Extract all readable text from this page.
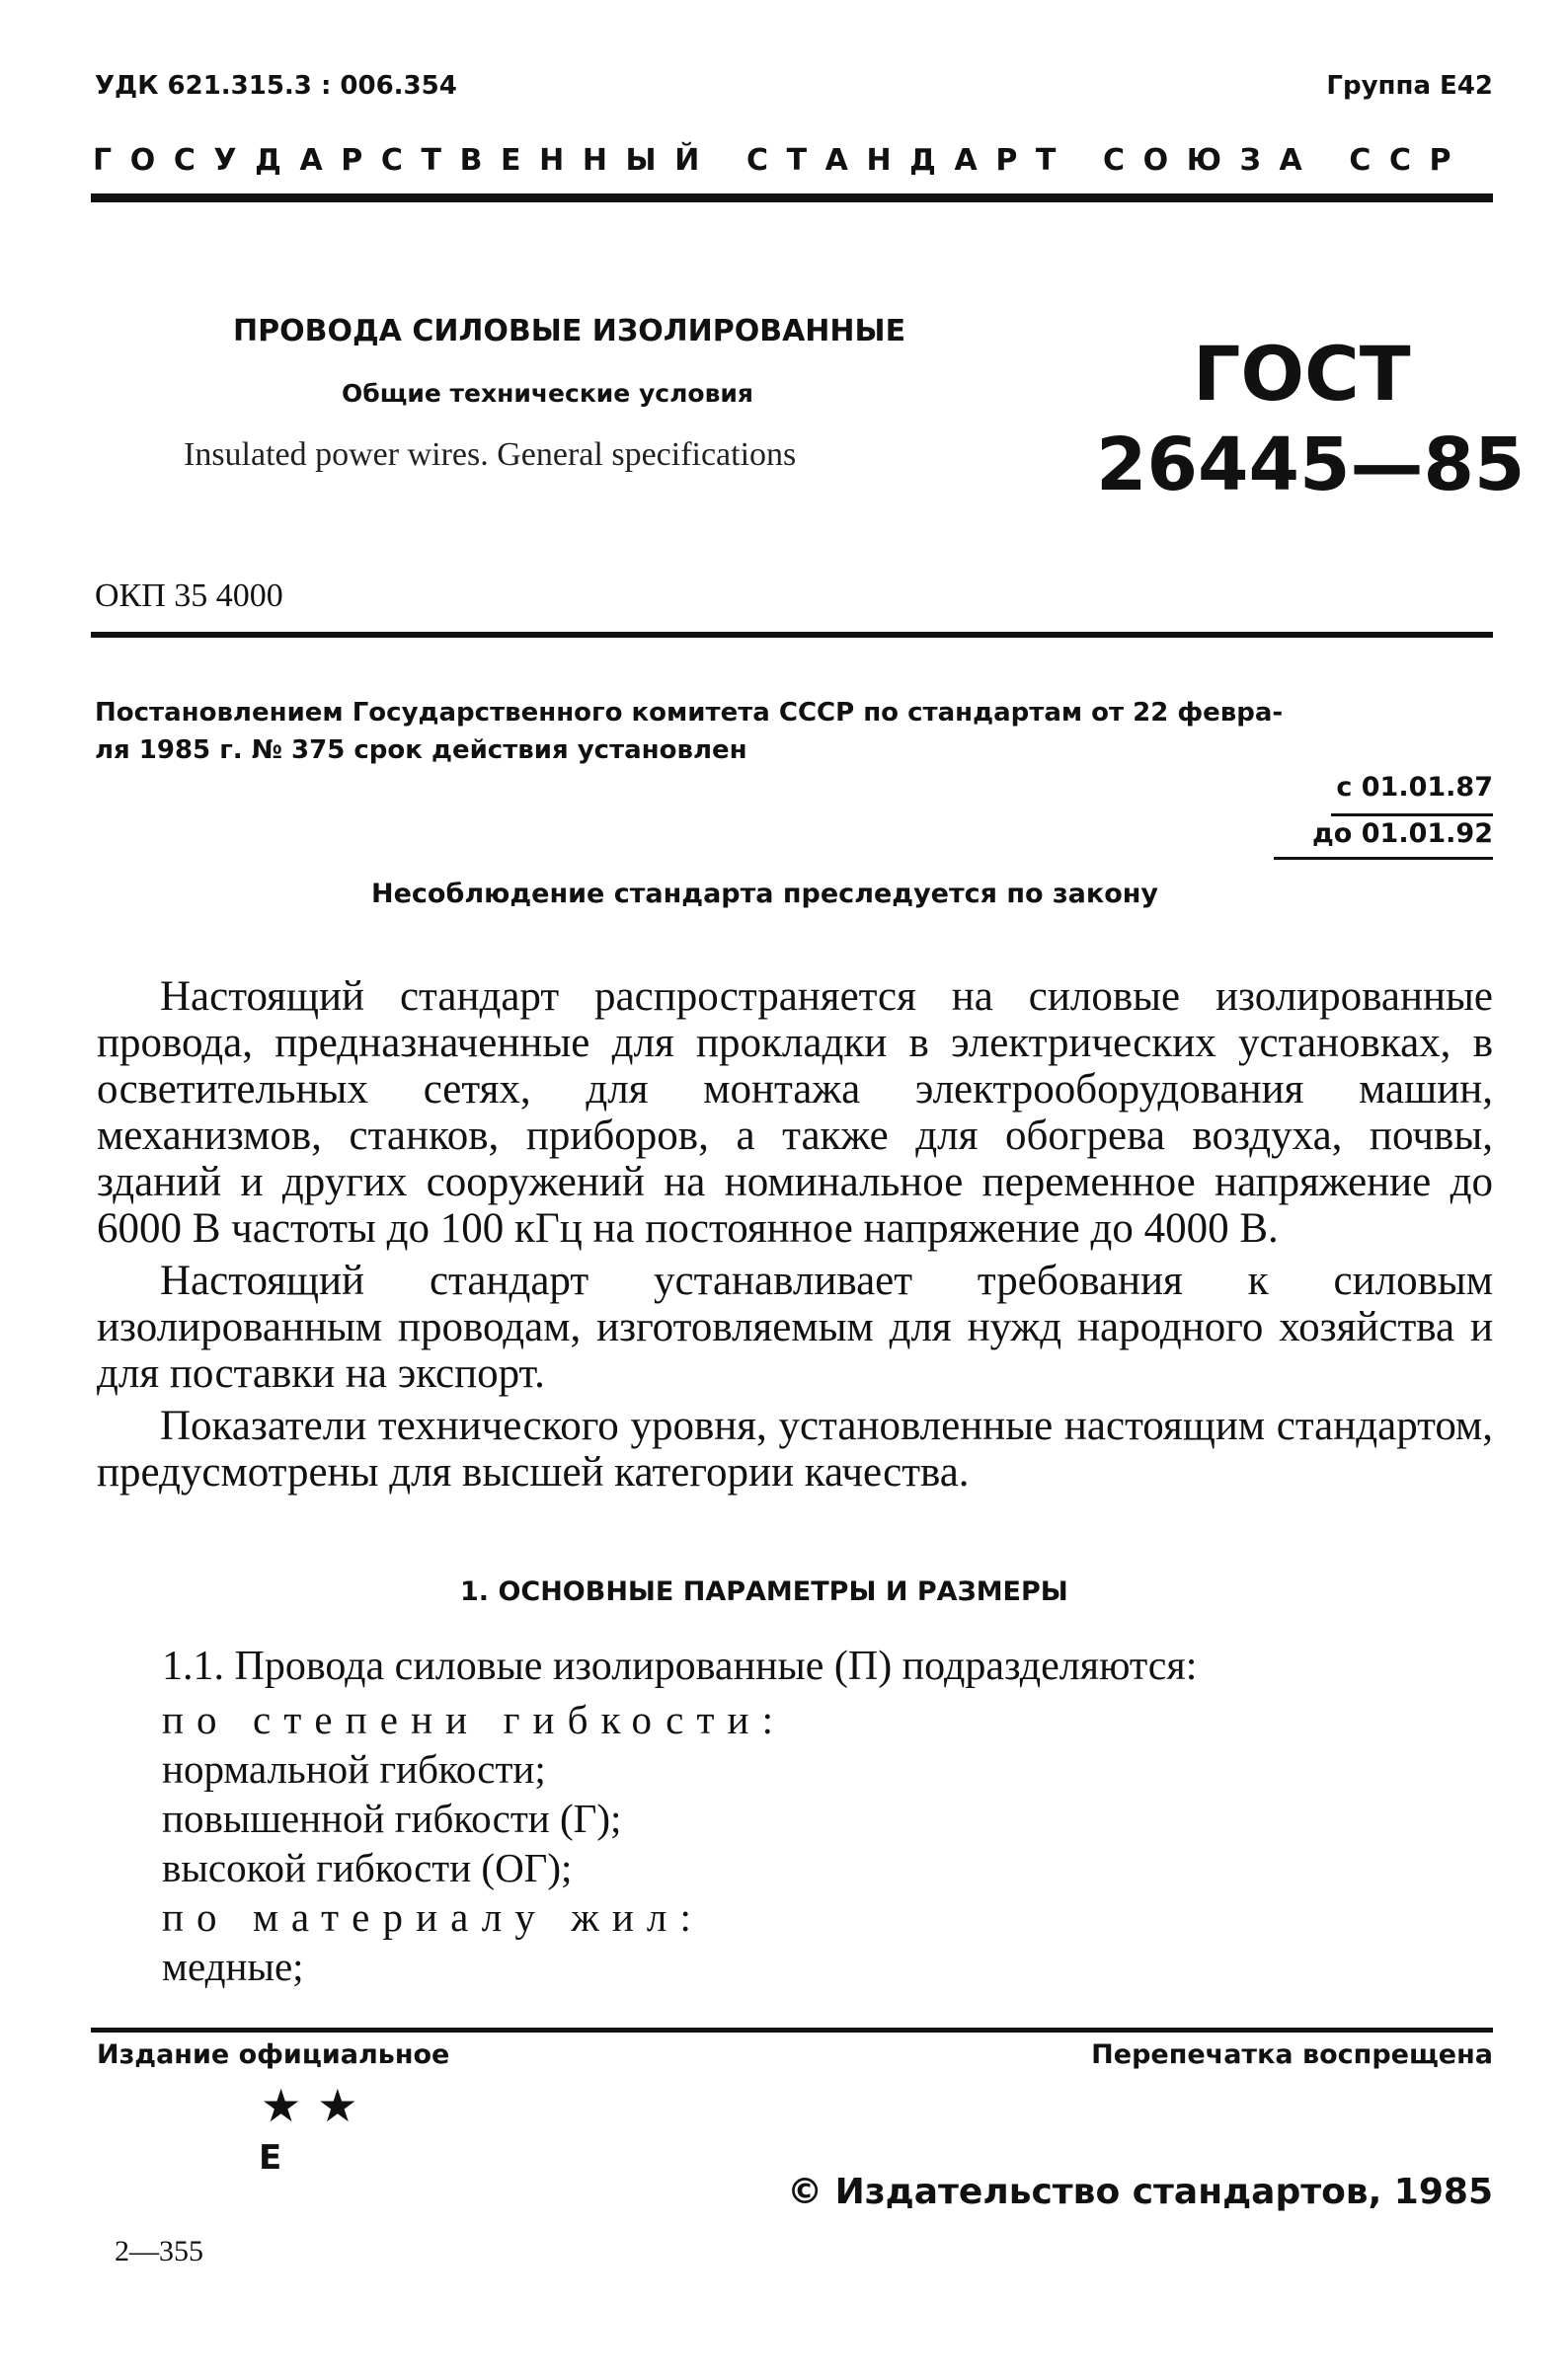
УДК 621.315.3 : 006.354	Группа Е42
ГОСУДАРСТВЕННЫЙ СТАНДАРТ СОЮЗА ССР
ПРОВОДА СИЛОВЫЕ ИЗОЛИРОВАННЫЕ
Общие технические условия
Insulated power wires. General specifications
ГОСТ
26445—85
ОКП 35 4000
Постановлением Государственного комитета СССР по стандартам от 22 февра-
ля 1985 г. № 375 срок действия установлен
с 01.01.87
до 01.01.92
Несоблюдение стандарта преследуется по закону

Настоящий стандарт распространяется на силовые изолированные провода, предназначенные для прокладки в электрических установках, в осветительных сетях, для монтажа электрооборудования машин, механизмов, станков, приборов, а также для обогрева воздуха, почвы, зданий и других сооружений на номинальное переменное напряжение до 6000 В частоты до 100 кГц на постоянное напряжение до 4000 В.

Настоящий стандарт устанавливает требования к силовым изолированным проводам, изготовляемым для нужд народного хозяйства и для поставки на экспорт.

Показатели технического уровня, установленные настоящим стандартом, предусмотрены для высшей категории качества.

1. ОСНОВНЫЕ ПАРАМЕТРЫ И РАЗМЕРЫ
1.1. Провода силовые изолированные (П) подразделяются:
по степени гибкости:
нормальной гибкости;
повышенной гибкости (Г);
высокой гибкости (ОГ);
по материалу жил:
медные;
Издание официальное	Перепечатка воспрещена
★ ★
Е
© Издательство стандартов, 1985
2—355
